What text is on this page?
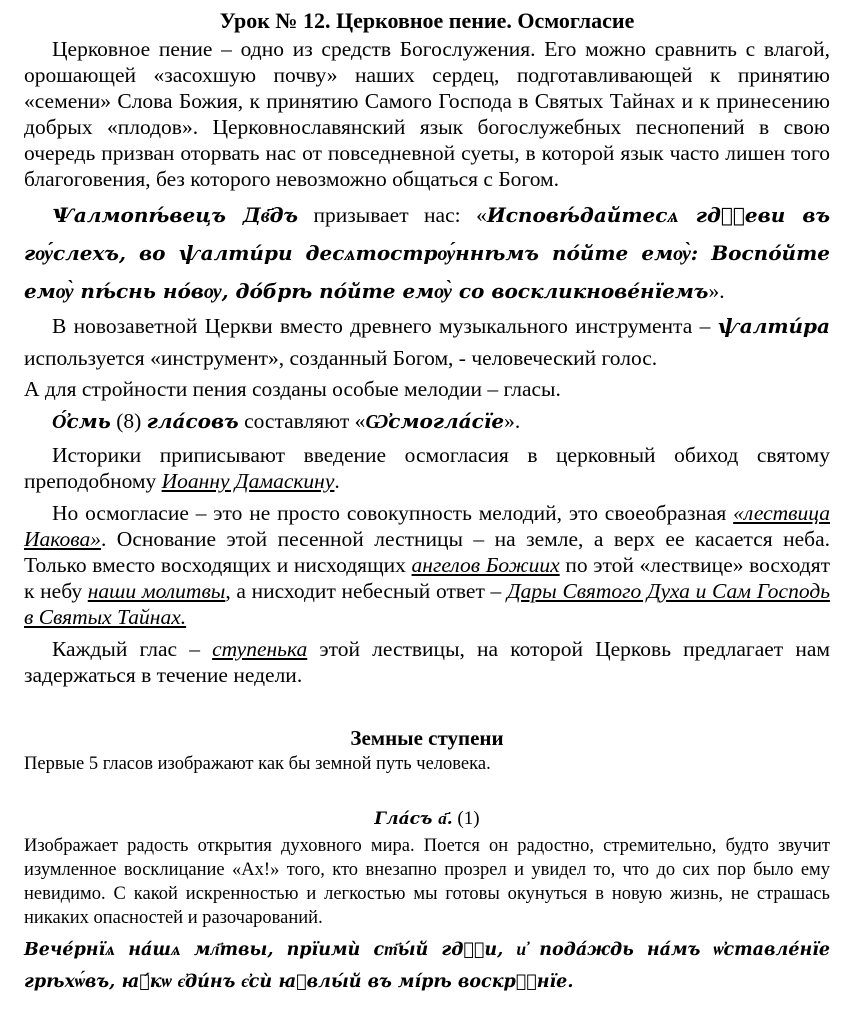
Урок № 12. Церковное пение. Осмогласие

Церковное пение – одно из средств Богослужения. Его можно сравнить с влагой, орошающей «засохшую почву» наших сердец, подготавливающей к принятию «семени» Слова Божия, к принятию Самого Господа в Святых Тайнах и к принесению добрых «плодов». Церковнославянский язык богослужебных песнопений в свою очередь призван оторвать нас от повседневной суеты, в которой язык часто лишен того благоговения, без которого невозможно общаться с Богом.

Ѱалмопѣ́вецъ Дв҃дъ призывает нас: «Исповѣ́дайтесѧ гдⷭ҇еви въ гѹ́слехъ, во ѱалти́ри десѧтострѹ́ннѣмъ по́йте емѹ̀: Воспо́йте емѹ̀ пѣ́снь но́вѹ, до́брѣ по́йте емѹ̀ со воскликнове́нїемъ».

В новозаветной Церкви вместо древнего музыкального инструмента – ѱалти́ра используется «инструмент», созданный Богом, - человеческий голос.

А для стройности пения созданы особые мелодии – гласы.

О҆́смь (8) гла́совъ составляют «Ѡ҆смогла́сїе».

Историки приписывают введение осмогласия в церковный обиход святому преподобному Иоанну Дамаскину.

Но осмогласие – это не просто совокупность мелодий, это своеобразная «лествица Иакова». Основание этой песенной лестницы – на земле, а верх ее касается неба. Только вместо восходящих и нисходящих ангелов Божиих по этой «лествице» восходят к небу наши молитвы, а нисходит небесный ответ – Дары Святого Духа и Сам Господь в Святых Тайнах.

Каждый глас – ступенька этой лествицы, на которой Церковь предлагает нам задержаться в течение недели.

Земные ступени

Первые 5 гласов изображают как бы земной путь человека.

Гла́съ а҃. (1)

Изображает радость открытия духовного мира. Поется он радостно, стремительно, будто звучит изумленное восклицание «Ах!» того, кто внезапно прозрел и увидел то, что до сих пор было ему невидимо. С какой искренностью и легкостью мы готовы окунуться в новую жизнь, не страшась никаких опасностей и разочарований.

Вече́рнїѧ на́шѧ мл҃твы, прїимѝ ст҃ы́й гдⷭ҇и, и҆ пода́ждь на́мъ ѡ҆ставле́нїе грѣхѡ́въ, ꙗ҆́кѡ є҆ди́нъ є҆сѝ ꙗ҆влы́й въ мі́рѣ воскрⷭ҇нїе.
